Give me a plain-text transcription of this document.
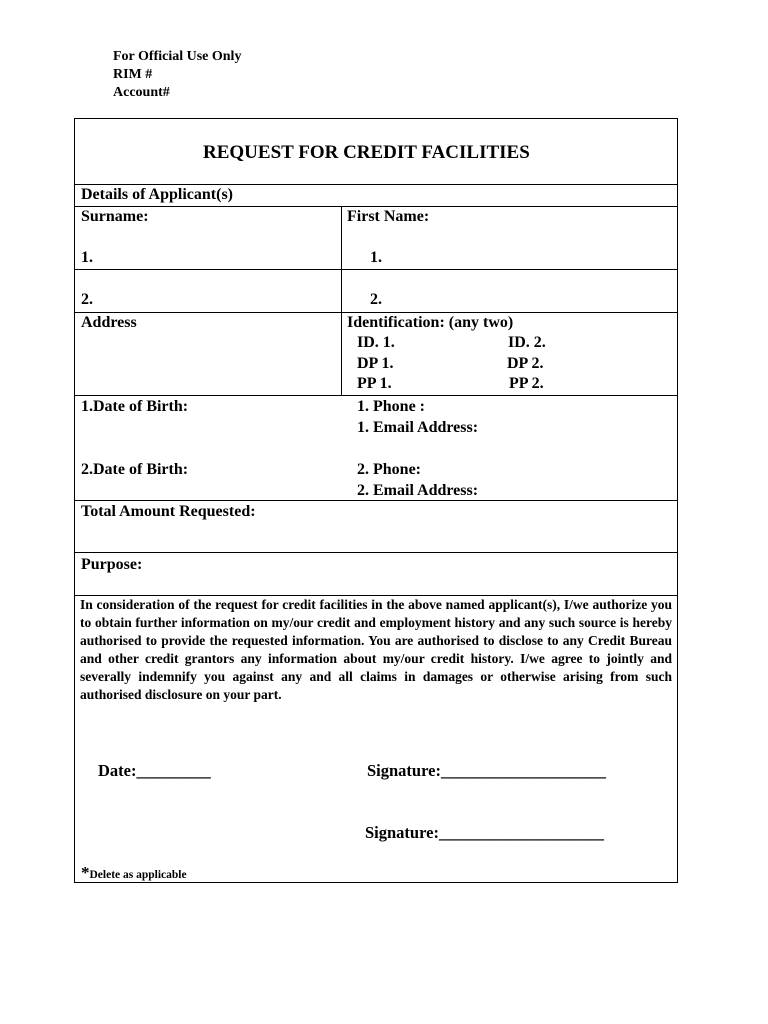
For Official Use Only
RIM #
Account#
REQUEST FOR CREDIT FACILITIES
Details of Applicant(s)
Surname:	First Name:
1.	1.
2.	2.
Address	Identification: (any two)
ID. 1.	ID. 2.
DP 1.	DP 2.
PP 1.	PP 2.
1.Date of Birth:	1. Phone :
1. Email Address:
2.Date of Birth:	2. Phone:
2. Email Address:
Total Amount Requested:
Purpose:
In consideration of the request for credit facilities in the above named applicant(s), I/we authorize you to obtain further information on my/our credit and employment history and any such source is hereby authorised to provide the requested information. You are authorised to disclose to any Credit Bureau and other credit grantors any information about my/our credit history. I/we agree to jointly and severally indemnify you against any and all claims in damages or otherwise arising from such authorised disclosure on your part.
Date:_________	Signature:____________________
Signature:____________________
*Delete as applicable
